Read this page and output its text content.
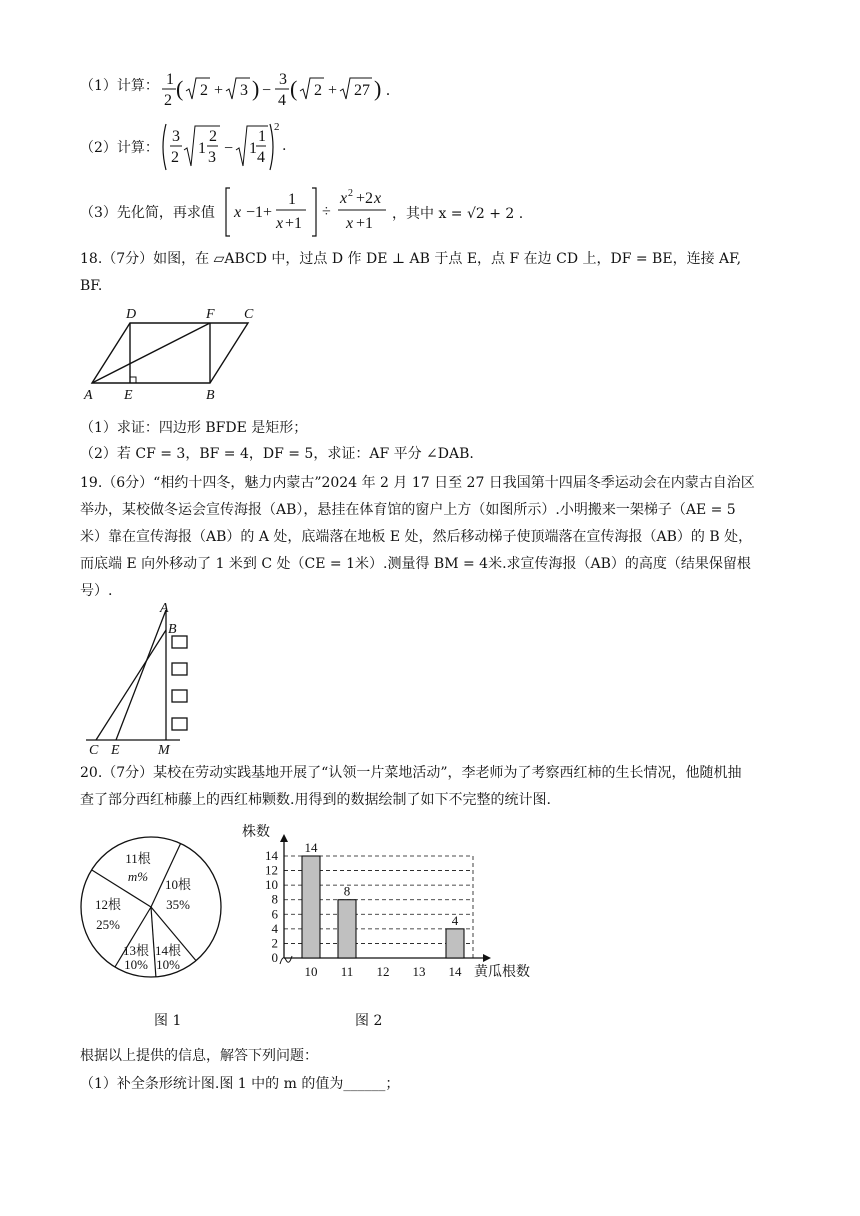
（1）计算： 1
2 ( 2 + 3 ) −
3
4 ( 2 + 27 ) .
（2）计算：
3
2
1
2
3
− 1
1
4
2
.
（3）先化简，再求值 x −1+
1
x +1
÷
x 2 +2 x
x +1
，其中 x = √2 + 2 .
18.（7分）如图，在 ▱ABCD 中，过点 D 作 DE ⊥ AB 于点 E，点 F 在边 CD 上，DF = BE，连接 AF,
BF.
D	F C
A E	B
（1）求证：四边形 BFDE 是矩形；
（2）若 CF = 3，BF = 4，DF = 5，求证：AF 平分 ∠DAB.
19.（6分）“相约十四冬，魅力内蒙古”2024 年 2 月 17 日至 27 日我国第十四届冬季运动会在内蒙古自治区
举办，某校做冬运会宣传海报（AB），悬挂在体育馆的窗户上方（如图所示）.小明搬来一架梯子（AE = 5
米）靠在宣传海报（AB）的 A 处，底端落在地板 E 处，然后移动梯子使顶端落在宣传海报（AB）的 B 处，
而底端 E 向外移动了 1 米到 C 处（CE = 1米）.测量得 BM = 4米.求宣传海报（AB）的高度（结果保留根
号）.
A
B
C E	M
20.（7分）某校在劳动实践基地开展了“认领一片菜地活动”，李老师为了考察西红柿的生长情况，他随机抽
查了部分西红柿藤上的西红柿颗数.用得到的数据绘制了如下不完整的统计图.
10根
35%
12根
25%
13根
10%
14根
10%
11根
m%
株数
0
2
4
6
8
10
12
14
10
14
11
8
12 13 14
4
黄瓜根数
图 1	图 2
根据以上提供的信息，解答下列问题：
（1）补全条形统计图.图 1 中的 m 的值为______；
